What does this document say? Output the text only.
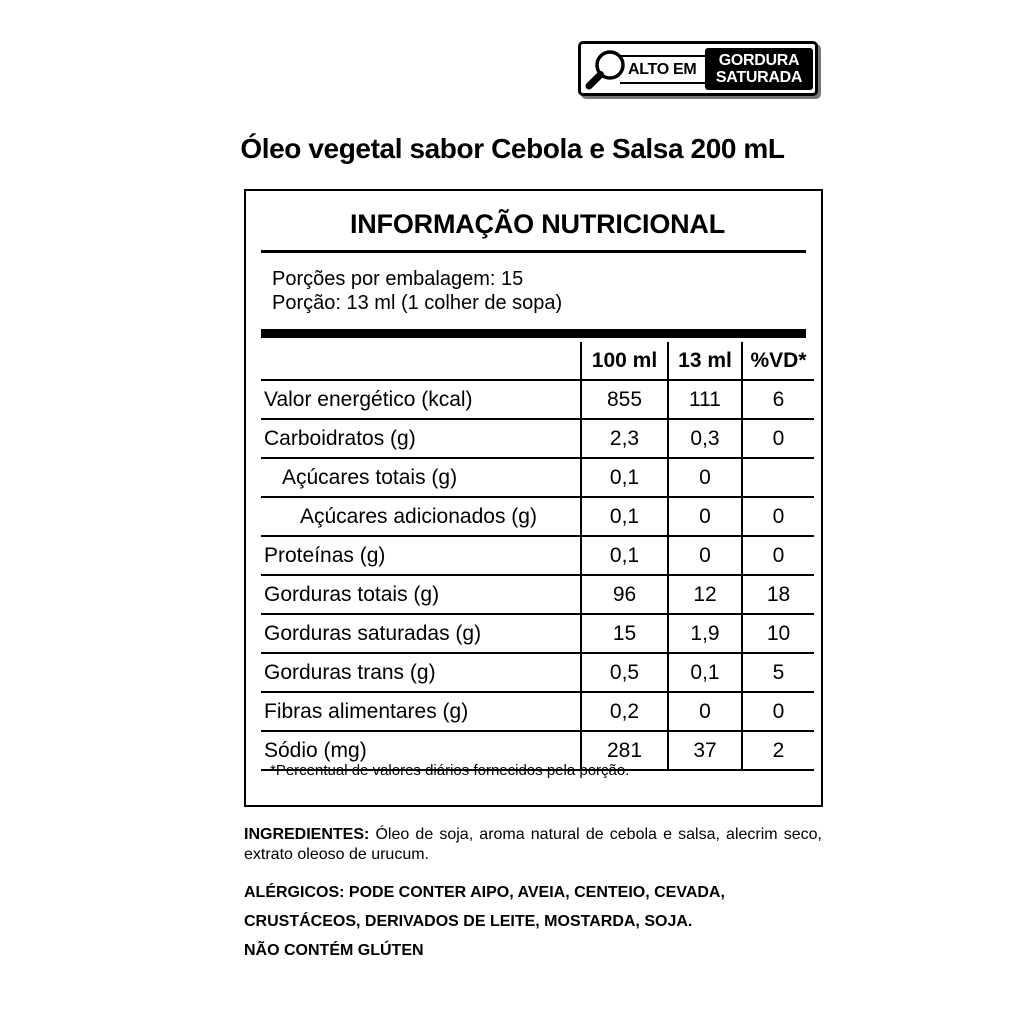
ALTO EM
GORDURA
SATURADA
Óleo vegetal sabor Cebola e Salsa 200 mL
INFORMAÇÃO NUTRICIONAL
Porções por embalagem: 15
Porção: 13 ml (1 colher de sopa)
	100 ml	13 ml	%VD*
Valor energético (kcal)	855	111	6
Carboidratos (g)	2,3	0,3	0
Açúcares totais (g)	0,1	0	
Açúcares adicionados (g)	0,1	0	0
Proteínas (g)	0,1	0	0
Gorduras totais (g)	96	12	18
Gorduras saturadas (g)	15	1,9	10
Gorduras trans (g)	0,5	0,1	5
Fibras alimentares (g)	0,2	0	0
Sódio (mg)	281	37	2
*Percentual de valores diários fornecidos pela porção.
INGREDIENTES: Óleo de soja, aroma natural de cebola e salsa, alecrim seco, extrato oleoso de urucum.
ALÉRGICOS: PODE CONTER AIPO, AVEIA, CENTEIO, CEVADA,
CRUSTÁCEOS, DERIVADOS DE LEITE, MOSTARDA, SOJA.
NÃO CONTÉM GLÚTEN
